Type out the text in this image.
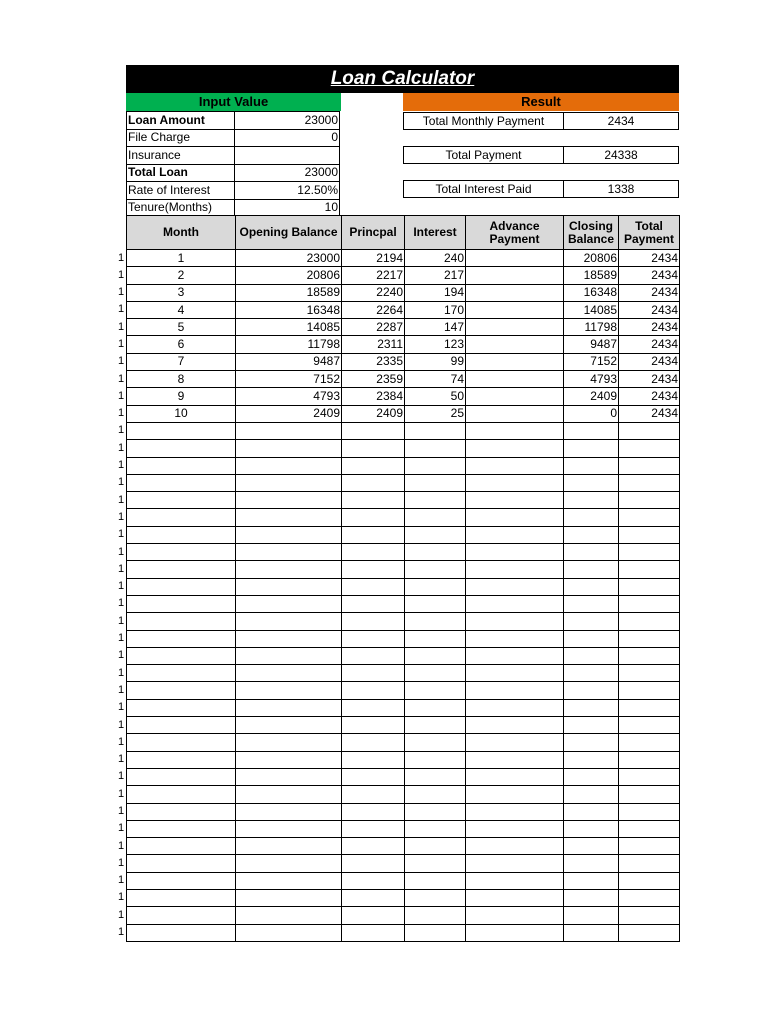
Loan Calculator
Input Value	Result
Loan Amount	23000
File Charge	0
Insurance	
Total Loan	23000
Rate of Interest	12.50%
Tenure(Months)	10
Total Monthly Payment	2434
Total Payment	24338
Total Interest Paid	1338
Month	Opening Balance	Princpal	Interest	Advance Payment	Closing Balance	Total Payment
1	23000	2194	240		20806	2434
2	20806	2217	217		18589	2434
3	18589	2240	194		16348	2434
4	16348	2264	170		14085	2434
5	14085	2287	147		11798	2434
6	11798	2311	123		9487	2434
7	9487	2335	99		7152	2434
8	7152	2359	74		4793	2434
9	4793	2384	50		2409	2434
10	2409	2409	25		0	2434

1
1
1
1
1
1
1
1
1
1
1
1
1
1
1
1
1
1
1
1
1
1
1
1
1
1
1
1
1
1
1
1
1
1
1
1
1
1
1
1
